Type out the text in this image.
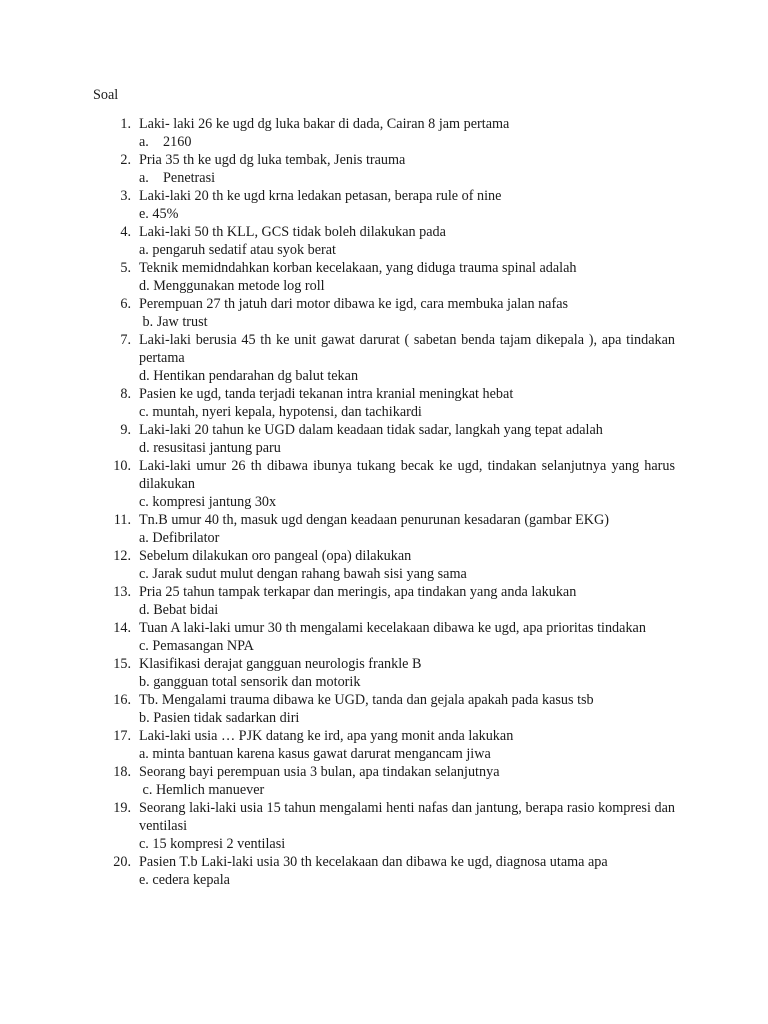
Soal
1. Laki- laki 26 ke ugd dg luka bakar di dada, Cairan 8 jam pertama
a.    2160
2. Pria 35 th ke ugd dg luka tembak, Jenis trauma
a.    Penetrasi
3. Laki-laki 20 th ke ugd krna ledakan petasan, berapa rule of nine
e. 45%
4. Laki-laki 50 th KLL, GCS tidak boleh dilakukan pada
a. pengaruh sedatif atau syok berat
5. Teknik memidndahkan korban kecelakaan, yang diduga trauma spinal adalah
d. Menggunakan metode log roll
6. Perempuan 27 th jatuh dari motor dibawa ke igd, cara membuka jalan nafas
b. Jaw trust
7. Laki-laki berusia 45 th ke unit gawat darurat ( sabetan benda tajam dikepala ), apa tindakan pertama
d. Hentikan pendarahan dg balut tekan
8. Pasien ke ugd, tanda terjadi tekanan intra kranial meningkat hebat
c. muntah, nyeri kepala, hypotensi, dan tachikardi
9. Laki-laki 20 tahun ke UGD dalam keadaan tidak sadar, langkah yang tepat adalah
d. resusitasi jantung paru
10. Laki-laki umur 26 th dibawa ibunya tukang becak ke ugd, tindakan selanjutnya yang harus dilakukan
c. kompresi jantung 30x
11. Tn.B umur 40 th, masuk ugd dengan keadaan penurunan kesadaran (gambar EKG)
a. Defibrilator
12. Sebelum dilakukan oro pangeal (opa) dilakukan
c. Jarak sudut mulut dengan rahang bawah sisi yang sama
13. Pria 25 tahun tampak terkapar dan meringis, apa tindakan yang anda lakukan
d. Bebat bidai
14. Tuan A laki-laki umur 30 th mengalami kecelakaan dibawa ke ugd, apa prioritas tindakan
c. Pemasangan NPA
15. Klasifikasi derajat gangguan neurologis frankle B
b. gangguan total sensorik dan motorik
16. Tb. Mengalami trauma dibawa ke UGD, tanda dan gejala apakah pada kasus tsb
b. Pasien tidak sadarkan diri
17. Laki-laki usia … PJK datang ke ird, apa yang monit anda lakukan
a. minta bantuan karena kasus gawat darurat mengancam jiwa
18. Seorang bayi perempuan usia 3 bulan, apa tindakan selanjutnya
c. Hemlich manuever
19. Seorang laki-laki usia 15 tahun mengalami henti nafas dan jantung, berapa rasio kompresi dan ventilasi
c. 15 kompresi 2 ventilasi
20. Pasien T.b Laki-laki usia 30 th kecelakaan dan dibawa ke ugd, diagnosa utama apa
e. cedera kepala
